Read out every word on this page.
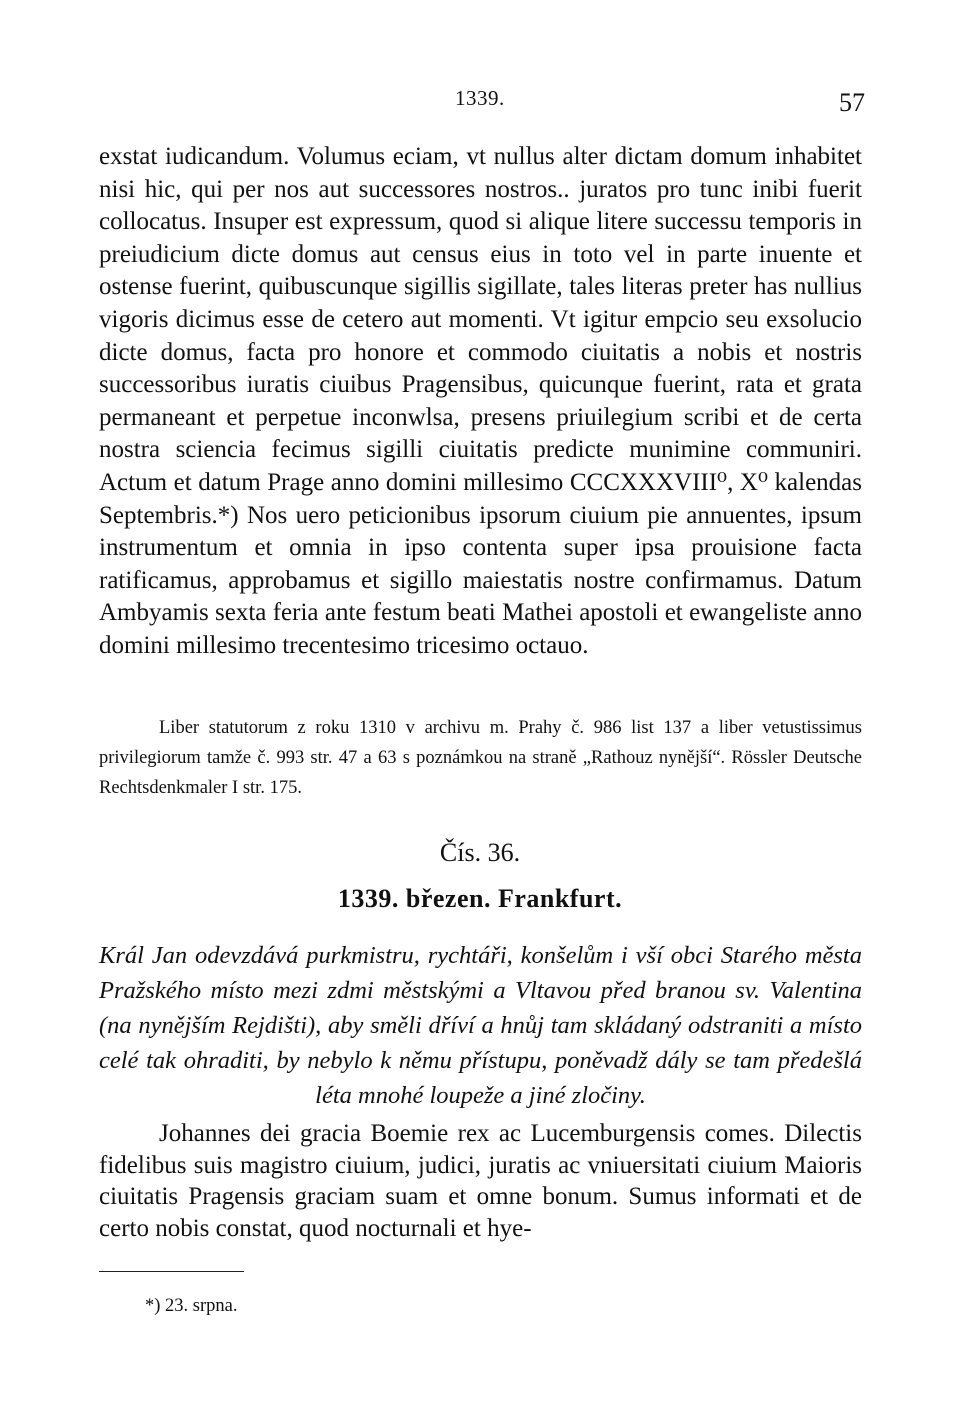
1339.	57

exstat iudicandum. Volumus eciam, vt nullus alter dictam domum inhabitet nisi hic, qui per nos aut successores nostros.. juratos pro tunc inibi fuerit collocatus. Insuper est expressum, quod si alique litere successu temporis in preiudicium dicte domus aut census eius in toto vel in parte inuente et ostense fuerint, quibuscunque sigillis sigillate, tales literas preter has nullius vigoris dicimus esse de cetero aut momenti. Vt igitur empcio seu exsolucio dicte domus, facta pro honore et commodo ciuitatis a nobis et nostris successoribus iuratis ciuibus Pragensibus, quicunque fuerint, rata et grata permaneant et perpetue inconwlsa, presens priuilegium scribi et de certa nostra sciencia fecimus sigilli ciuitatis predicte munimine communiri. Actum et datum Prage anno domini millesimo CCCXXXVIII⁰, X⁰ kalendas Septembris.*) Nos uero peticionibus ipsorum ciuium pie annuentes, ipsum instrumentum et omnia in ipso contenta super ipsa prouisione facta ratificamus, approbamus et sigillo maiestatis nostre confirmamus. Datum Ambyamis sexta feria ante festum beati Mathei apostoli et ewangeliste anno domini millesimo trecentesimo tricesimo octauo.

Liber statutorum z roku 1310 v archivu m. Prahy č. 986 list 137 a liber vetustissimus privilegiorum tamže č. 993 str. 47 a 63 s poznámkou na straně „Rathouz nynější“. Rössler Deutsche Rechtsdenkmaler I str. 175.

Čís. 36.
1339. březen. Frankfurt.

Král Jan odevzdává purkmistru, rychtáři, konšelům i vší obci Starého města Pražského místo mezi zdmi městskými a Vltavou před branou sv. Valentina (na nynějším Rejdišti), aby směli dříví a hnůj tam skládaný odstraniti a místo celé tak ohraditi, by nebylo k němu přístupu, poněvadž dály se tam předešlá léta mnohé loupeže a jiné zločiny.

Johannes dei gracia Boemie rex ac Lucemburgensis comes. Dilectis fidelibus suis magistro ciuium, judici, juratis ac vniuersitati ciuium Maioris ciuitatis Pragensis graciam suam et omne bonum. Sumus informati et de certo nobis constat, quod nocturnali et hye-

*) 23. srpna.
